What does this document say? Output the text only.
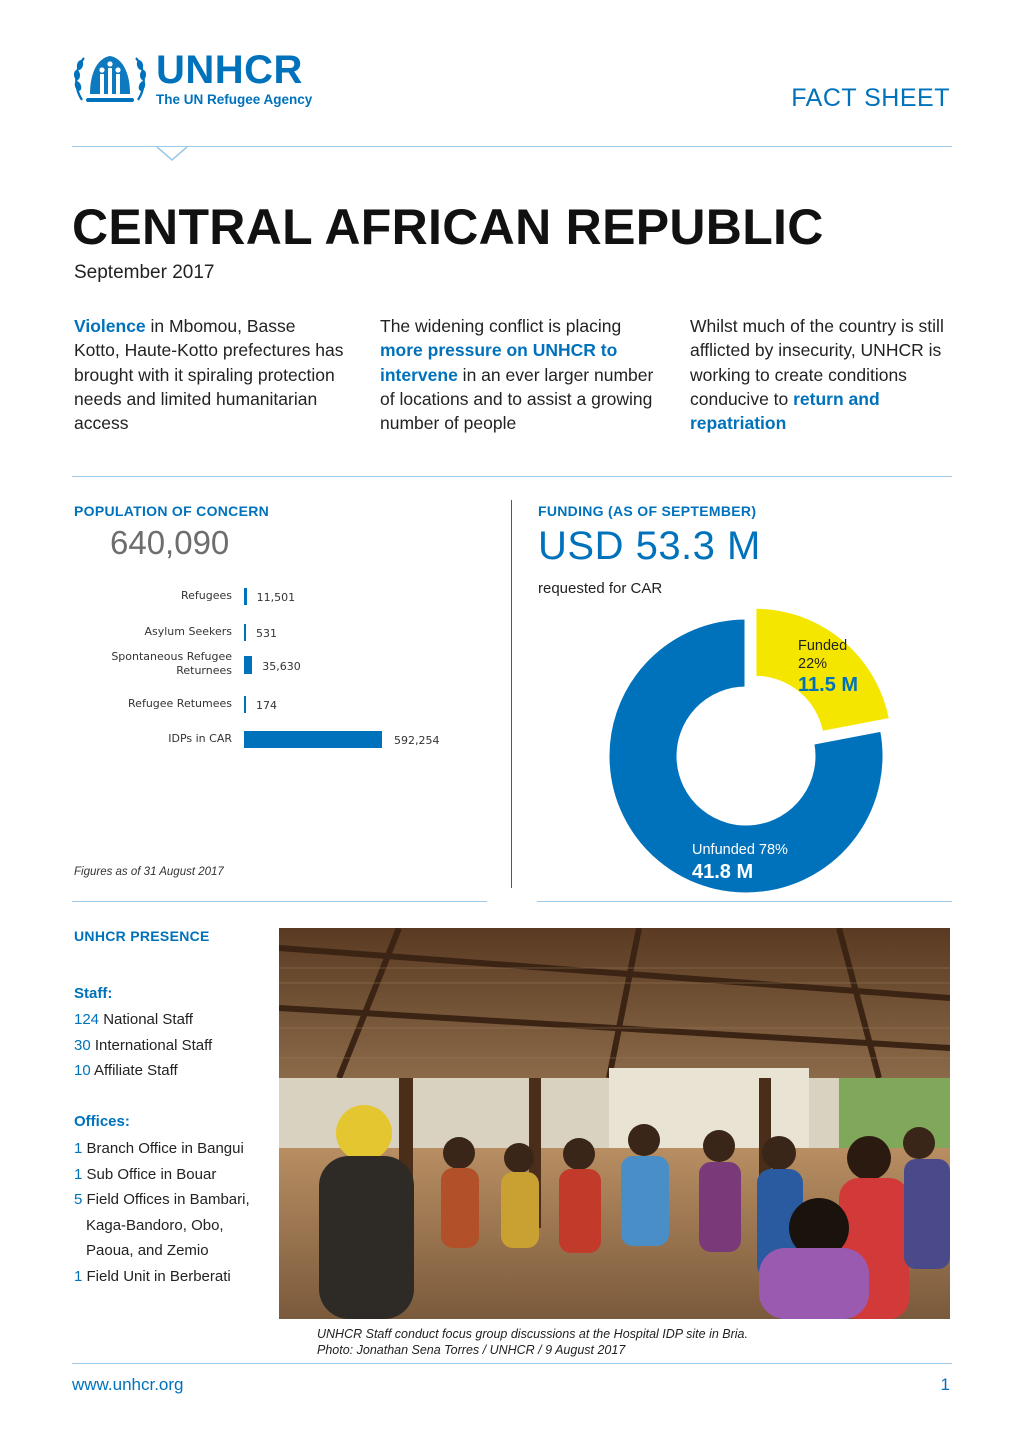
UNHCR
The UN Refugee Agency	FACT SHEET
CENTRAL AFRICAN REPUBLIC
September 2017
Violence in Mbomou, Basse Kotto, Haute-Kotto prefectures has brought with it spiraling protection needs and limited humanitarian access
The widening conflict is placing more pressure on UNHCR to intervene in an ever larger number of locations and to assist a growing number of people
Whilst much of the country is still afflicted by insecurity, UNHCR is working to create conditions conducive to return and repatriation
POPULATION OF CONCERN
640,090
Refugees 11,501
Asylum Seekers 531
Spontaneous Refugee Returnees	35,630
Refugee Retumees 174
IDPs in CAR	592,254
Figures as of 31 August 2017
FUNDING (AS OF SEPTEMBER)
USD 53.3 M
requested for CAR
Funded
22%
11.5 M
Unfunded 78%
41.8 M
UNHCR PRESENCE
Staff:
124 National Staff
30 International Staff
10 Affiliate Staff
Offices:
1 Branch Office in Bangui
1 Sub Office in Bouar
5 Field Offices in Bambari,
Kaga-Bandoro, Obo,
Paoua, and Zemio
1 Field Unit in Berberati
UNHCR Staff conduct focus group discussions at the Hospital IDP site in Bria.
Photo: Jonathan Sena Torres / UNHCR / 9 August 2017
www.unhcr.org	1
